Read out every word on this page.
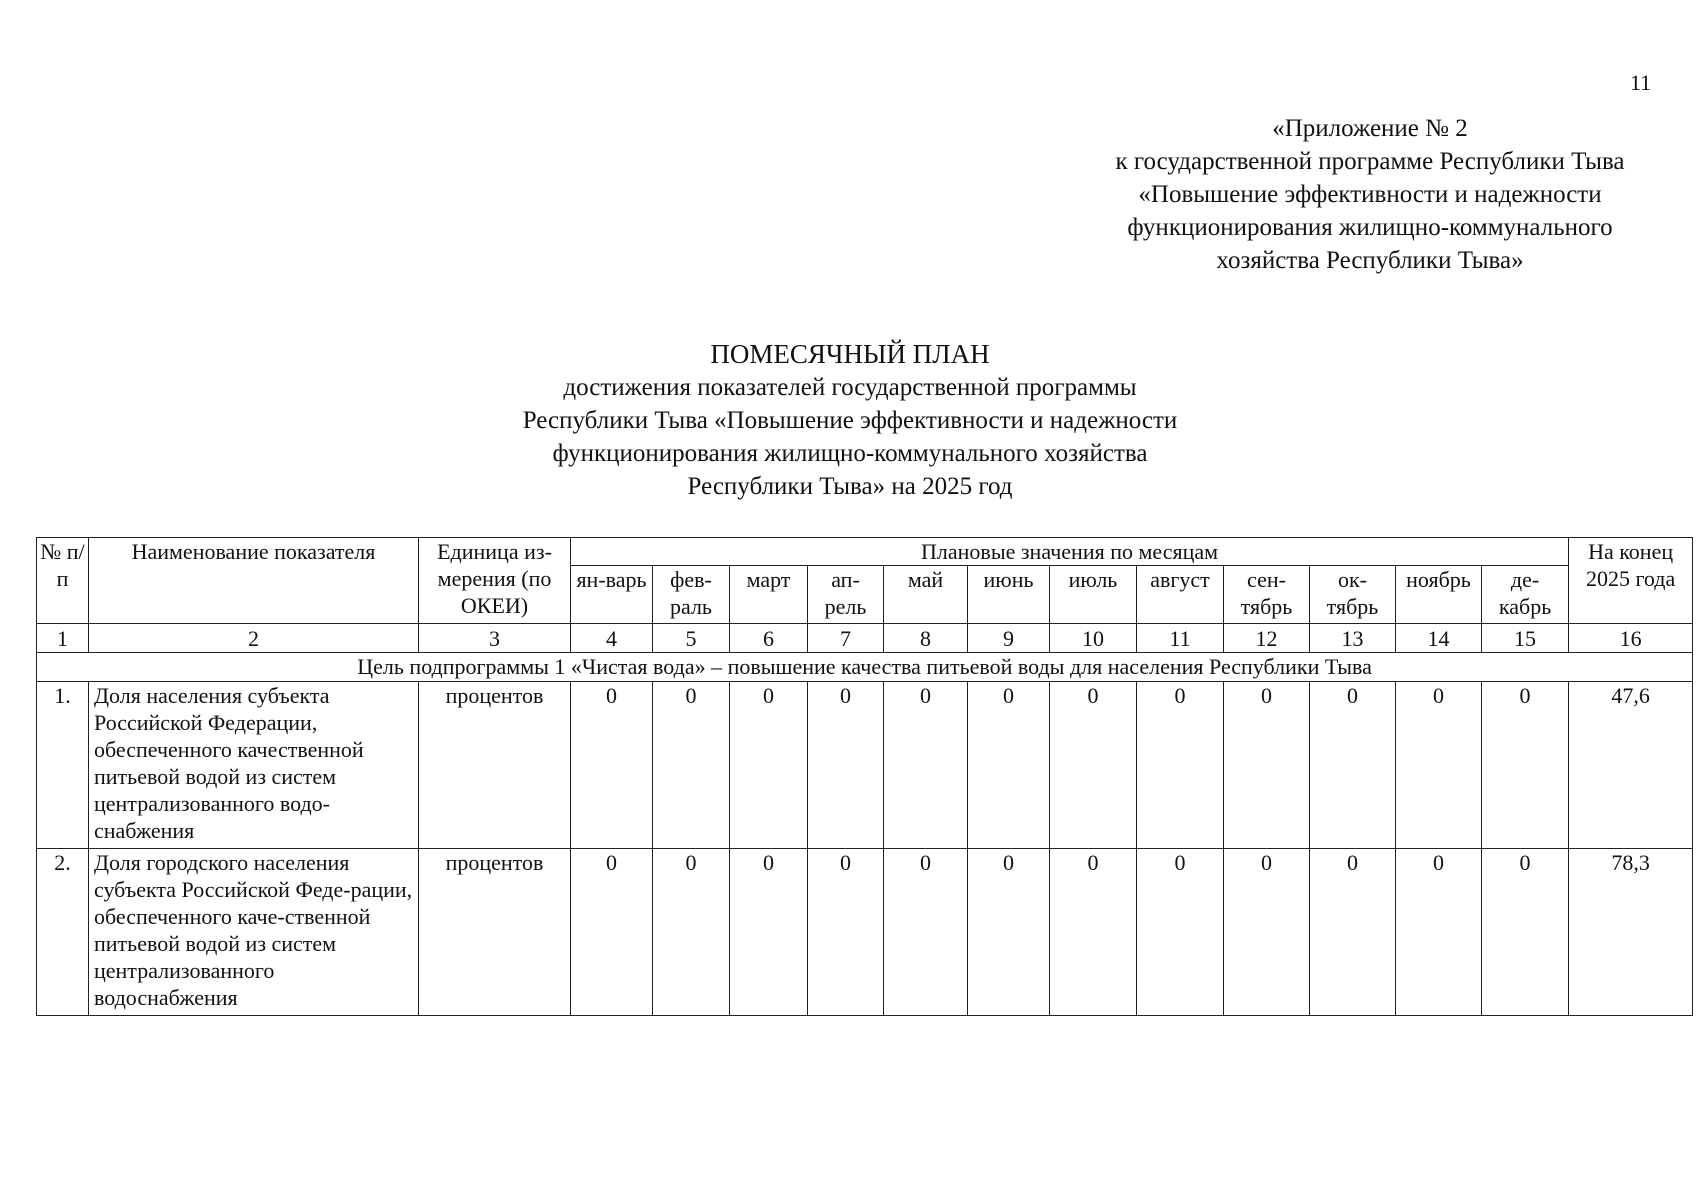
11
«Приложение № 2
к государственной программе Республики Тыва
«Повышение эффективности и надежности
функционирования жилищно-коммунального
хозяйства Республики Тыва»
ПОМЕСЯЧНЫЙ ПЛАН
достижения показателей государственной программы
Республики Тыва «Повышение эффективности и надежности
функционирования жилищно-коммунального хозяйства
Республики Тыва» на 2025 год
№ п/п	Наименование показателя	Единица из-мерения (по ОКЕИ)	Плановые значения по месяцам												На конец 2025 года
			ян-варь	фев-раль	март	ап-рель	май	июнь	июль	август	сен-тябрь	ок-тябрь	ноябрь	де-кабрь	
1	2	3	4	5	6	7	8	9	10	11	12	13	14	15	16
Цель подпрограммы 1 «Чистая вода» – повышение качества питьевой воды для населения Республики Тыва															
1.	Доля населения субъекта Российской Федерации, обеспеченного качественной питьевой водой из систем централизованного водо-снабжения	процентов	0	0	0	0	0	0	0	0	0	0	0	0	47,6
2.	Доля городского населения субъекта Российской Феде-рации, обеспеченного каче-ственной питьевой водой из систем централизованного водоснабжения	процентов	0	0	0	0	0	0	0	0	0	0	0	0	78,3
